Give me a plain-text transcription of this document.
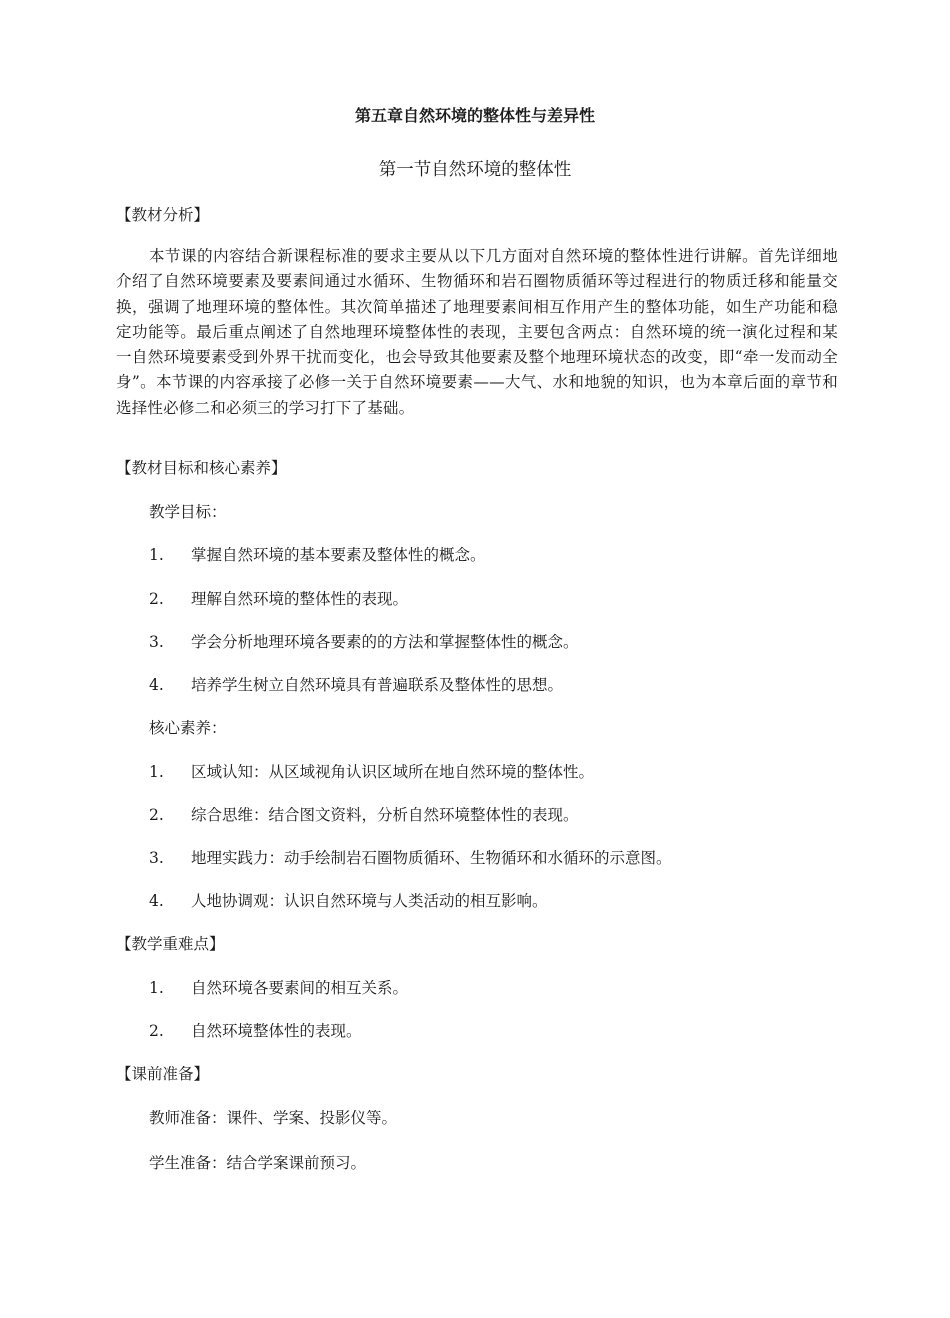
第五章自然环境的整体性与差异性
第一节自然环境的整体性
【教材分析】
本节课的内容结合新课程标准的要求主要从以下几方面对自然环境的整体性进行讲解。首先详细地介绍了自然环境要素及要素间通过水循环、生物循环和岩石圈物质循环等过程进行的物质迁移和能量交换，强调了地理环境的整体性。其次简单描述了地理要素间相互作用产生的整体功能，如生产功能和稳定功能等。最后重点阐述了自然地理环境整体性的表现，主要包含两点：自然环境的统一演化过程和某一自然环境要素受到外界干扰而变化，也会导致其他要素及整个地理环境状态的改变，即“牵一发而动全身”。本节课的内容承接了必修一关于自然环境要素——大气、水和地貌的知识，也为本章后面的章节和选择性必修二和必须三的学习打下了基础。
【教材目标和核心素养】
教学目标：
1. 掌握自然环境的基本要素及整体性的概念。
2. 理解自然环境的整体性的表现。
3. 学会分析地理环境各要素的的方法和掌握整体性的概念。
4. 培养学生树立自然环境具有普遍联系及整体性的思想。
核心素养：
1. 区域认知：从区域视角认识区域所在地自然环境的整体性。
2. 综合思维：结合图文资料，分析自然环境整体性的表现。
3. 地理实践力：动手绘制岩石圈物质循环、生物循环和水循环的示意图。
4. 人地协调观：认识自然环境与人类活动的相互影响。
【教学重难点】
1. 自然环境各要素间的相互关系。
2. 自然环境整体性的表现。
【课前准备】
教师准备：课件、学案、投影仪等。
学生准备：结合学案课前预习。
